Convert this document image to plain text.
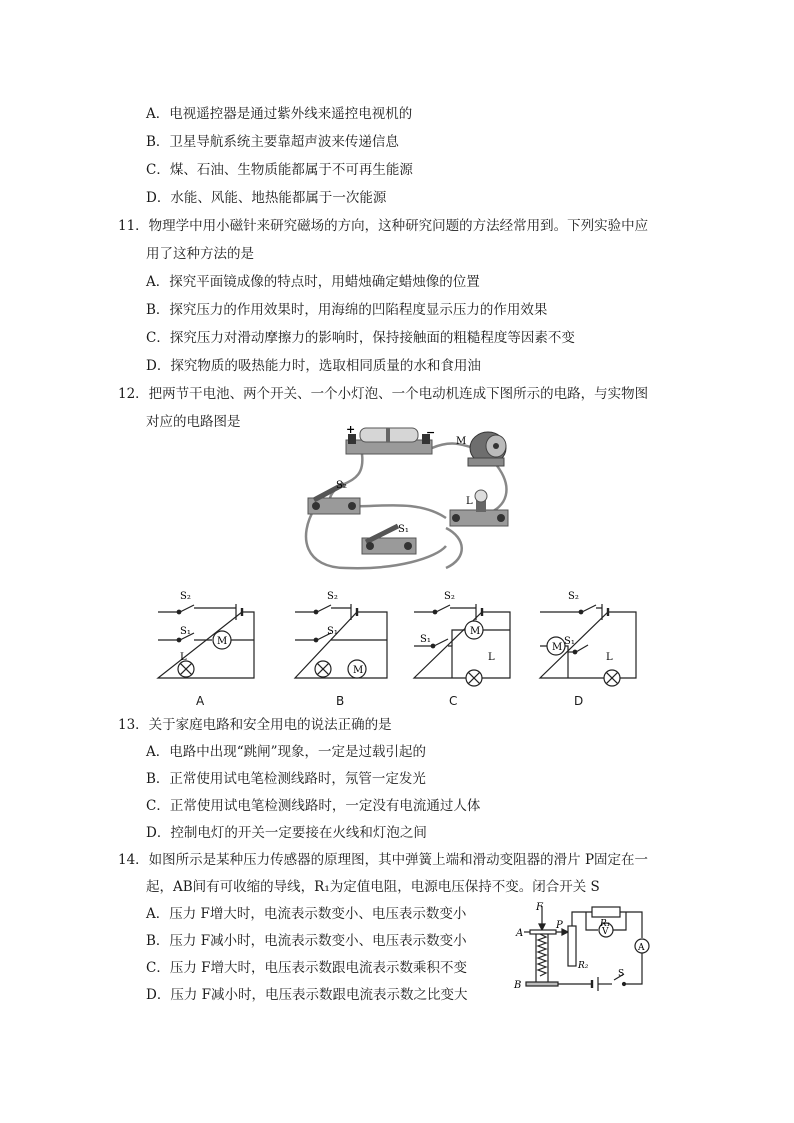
A．电视遥控器是通过紫外线来遥控电视机的
B．卫星导航系统主要靠超声波来传递信息
C．煤、石油、生物质能都属于不可再生能源
D．水能、风能、地热能都属于一次能源
11．物理学中用小磁针来研究磁场的方向，这种研究问题的方法经常用到。下列实验中应
用了这种方法的是
A．探究平面镜成像的特点时，用蜡烛确定蜡烛像的位置
B．探究压力的作用效果时，用海绵的凹陷程度显示压力的作用效果
C．探究压力对滑动摩擦力的影响时，保持接触面的粗糙程度等因素不变
D．探究物质的吸热能力时，选取相同质量的水和食用油
12．把两节干电池、两个开关、一个小灯泡、一个电动机连成下图所示的电路，与实物图
对应的电路图是	+	−
M
S₂
L
S₁
S₂
S₁
M
L
S₂
S₁
M
S₂
S₁
M
L
S₂
S₁
M
L
A	B	C	D
13．关于家庭电路和安全用电的说法正确的是
A．电路中出现“跳闸”现象，一定是过载引起的
B．正常使用试电笔检测线路时，氖管一定发光
C．正常使用试电笔检测线路时，一定没有电流通过人体
D．控制电灯的开关一定要接在火线和灯泡之间
14．如图所示是某种压力传感器的原理图，其中弹簧上端和滑动变阻器的滑片 P固定在一
起，AB间有可收缩的导线，R₁为定值电阻，电源电压保持不变。闭合开关 S
A．压力 F增大时，电流表示数变小、电压表示数变小
B．压力 F减小时，电流表示数变小、电压表示数变小
C．压力 F增大时，电压表示数跟电流表示数乘积不变
D．压力 F减小时，电压表示数跟电流表示数之比变大
F
A
P	R₁
R₂
V
A
B
S
